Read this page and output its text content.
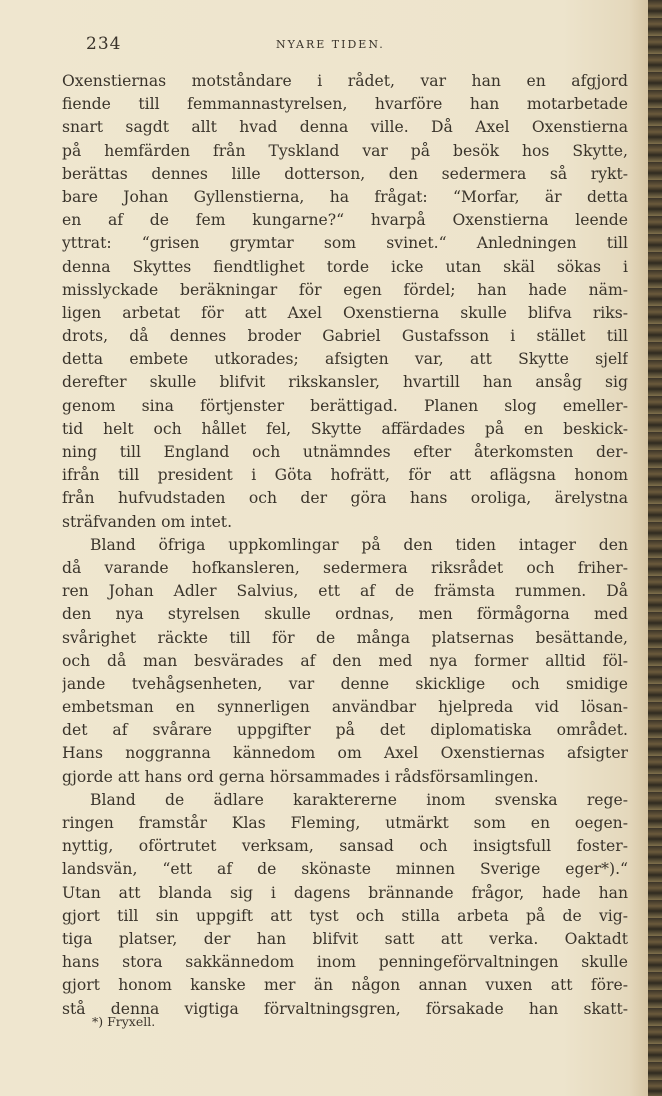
234	NYARE TIDEN.
Oxenstiernas motståndare i rådet, var han en afgjord
fiende till femmannastyrelsen, hvarföre han motarbetade
snart sagdt allt hvad denna ville. Då Axel Oxenstierna
på hemfärden från Tyskland var på besök hos Skytte,
berättas dennes lille dotterson, den sedermera så rykt-
bare Johan Gyllenstierna, ha frågat: “Morfar, är detta
en af de fem kungarne?“ hvarpå Oxenstierna leende
yttrat: “grisen grymtar som svinet.“ Anledningen till
denna Skyttes fiendtlighet torde icke utan skäl sökas i
misslyckade beräkningar för egen fördel; han hade näm-
ligen arbetat för att Axel Oxenstierna skulle blifva riks-
drots, då dennes broder Gabriel Gustafsson i stället till
detta embete utkorades; afsigten var, att Skytte sjelf
derefter skulle blifvit rikskansler, hvartill han ansåg sig
genom sina förtjenster berättigad. Planen slog emeller-
tid helt och hållet fel, Skytte affärdades på en beskick-
ning till England och utnämndes efter återkomsten der-
ifrån till president i Göta hofrätt, för att aflägsna honom
från hufvudstaden och der göra hans oroliga, ärelystna
sträfvanden om intet.
Bland öfriga uppkomlingar på den tiden intager den
då varande hofkansleren, sedermera riksrådet och friher-
ren Johan Adler Salvius, ett af de främsta rummen. Då
den nya styrelsen skulle ordnas, men förmågorna med
svårighet räckte till för de många platsernas besättande,
och då man besvärades af den med nya former alltid föl-
jande tvehågsenheten, var denne skicklige och smidige
embetsman en synnerligen användbar hjelpreda vid lösan-
det af svårare uppgifter på det diplomatiska området.
Hans noggranna kännedom om Axel Oxenstiernas afsigter
gjorde att hans ord gerna hörsammades i rådsförsamlingen.
Bland de ädlare karaktererne inom svenska rege-
ringen framstår Klas Fleming, utmärkt som en oegen-
nyttig, oförtrutet verksam, sansad och insigtsfull foster-
landsvän, “ett af de skönaste minnen Sverige eger*).“
Utan att blanda sig i dagens brännande frågor, hade han
gjort till sin uppgift att tyst och stilla arbeta på de vig-
tiga platser, der han blifvit satt att verka. Oaktadt
hans stora sakkännedom inom penningeförvaltningen skulle
gjort honom kanske mer än någon annan vuxen att före-
stå denna vigtiga förvaltningsgren, försakade han skatt-
*) Fryxell.
